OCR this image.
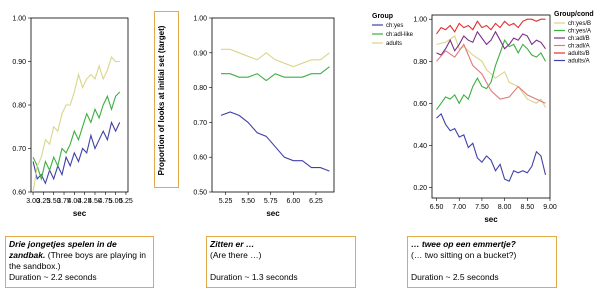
0.60
0.70
0.80
0.90
1.00
3.00
3.25
3.50
3.75
4.00
4.25
4.50
4.75
5.00
5.25
sec
0.50
0.60
0.70
0.80
0.90
1.00
5.25 5.50 5.75 6.00 6.25
sec
Group
ch:yes
ch:adl-like
adults
0.20
0.40
0.60
0.80
1.00
6.50 7.00 7.50 8.00 8.50 9.00
sec
Group/cond
ch:yes/B
ch:yes/A
ch:adl/B
ch:adl/A
adults/B
adults/A
Proportion of looks at initial set (target)
Drie jongetjes spelen in de zandbak. (Three boys are playing in the sandbox.)
Duration ~ 2.2 seconds
Zitten er …
(Are there …)

Duration ~ 1.3 seconds
… twee op een emmertje?
(… two sitting on a bucket?)

Duration ~ 2.5 seconds
